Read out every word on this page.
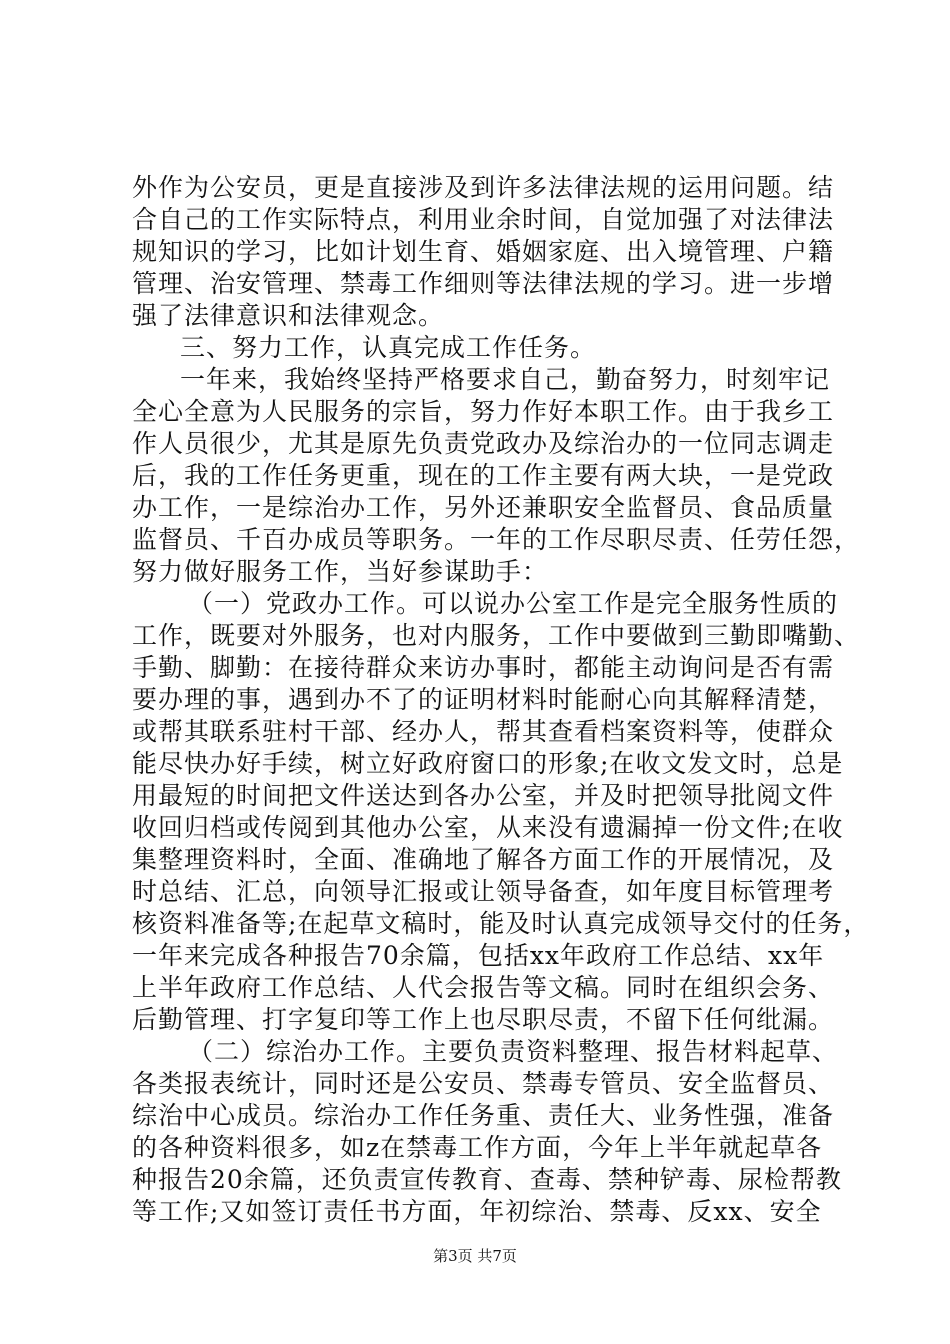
外作为公安员，更是直接涉及到许多法律法规的运用问题。结
合自己的工作实际特点，利用业余时间，自觉加强了对法律法
规知识的学习，比如计划生育、婚姻家庭、出入境管理、户籍
管理、治安管理、禁毒工作细则等法律法规的学习。进一步增
强了法律意识和法律观念。
三、努力工作，认真完成工作任务。
一年来，我始终坚持严格要求自己，勤奋努力，时刻牢记
全心全意为人民服务的宗旨，努力作好本职工作。由于我乡工
作人员很少，尤其是原先负责党政办及综治办的一位同志调走
后，我的工作任务更重，现在的工作主要有两大块，一是党政
办工作，一是综治办工作，另外还兼职安全监督员、食品质量
监督员、千百办成员等职务。一年的工作尽职尽责、任劳任怨，
努力做好服务工作，当好参谋助手：
（一）党政办工作。可以说办公室工作是完全服务性质的
工作，既要对外服务，也对内服务，工作中要做到三勤即嘴勤、
手勤、脚勤：在接待群众来访办事时，都能主动询问是否有需
要办理的事，遇到办不了的证明材料时能耐心向其解释清楚，
或帮其联系驻村干部、经办人，帮其查看档案资料等，使群众
能尽快办好手续，树立好政府窗口的形象;在收文发文时，总是
用最短的时间把文件送达到各办公室，并及时把领导批阅文件
收回归档或传阅到其他办公室，从来没有遗漏掉一份文件;在收
集整理资料时，全面、准确地了解各方面工作的开展情况，及
时总结、汇总，向领导汇报或让领导备查，如年度目标管理考
核资料准备等;在起草文稿时，能及时认真完成领导交付的任务，
一年来完成各种报告70余篇，包括xx年政府工作总结、xx年
上半年政府工作总结、人代会报告等文稿。同时在组织会务、
后勤管理、打字复印等工作上也尽职尽责，不留下任何纰漏。
（二）综治办工作。主要负责资料整理、报告材料起草、
各类报表统计，同时还是公安员、禁毒专管员、安全监督员、
综治中心成员。综治办工作任务重、责任大、业务性强，准备
的各种资料很多，如z在禁毒工作方面，今年上半年就起草各
种报告20余篇，还负责宣传教育、查毒、禁种铲毒、尿检帮教
等工作;又如签订责任书方面，年初综治、禁毒、反xx、安全
第3页 共7页
